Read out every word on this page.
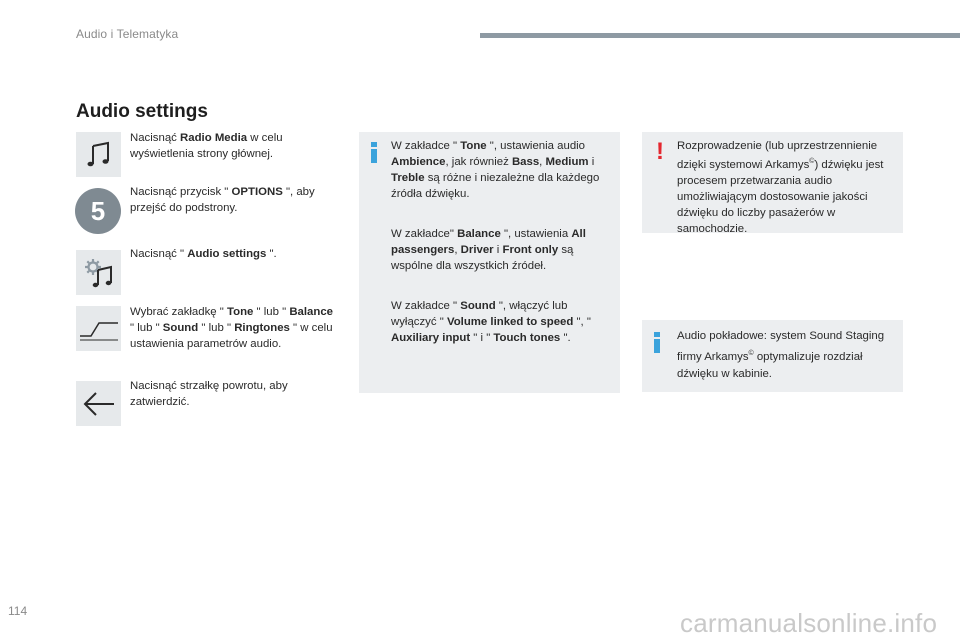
Audio i Telematyka
Audio settings
Nacisnąć Radio Media w celu wyświetlenia strony głównej.
5
Nacisnąć przycisk " OPTIONS ", aby przejść do podstrony.
Nacisnąć " Audio settings ".
Wybrać zakładkę " Tone " lub " Balance " lub " Sound " lub " Ringtones " w celu ustawienia parametrów audio.
Nacisnąć strzałkę powrotu, aby zatwierdzić.
W zakładce " Tone ", ustawienia audio Ambience, jak również Bass, Medium i Treble są różne i niezależne dla każdego źródła dźwięku.
W zakładce" Balance ", ustawienia All passengers, Driver i Front only są wspólne dla wszystkich źródeł.
W zakładce " Sound ", włączyć lub wyłączyć " Volume linked to speed ", " Auxiliary input " i " Touch tones ".
! Rozprowadzenie (lub uprzestrzennienie dzięki systemowi Arkamys©) dźwięku jest procesem przetwarzania audio umożliwiającym dostosowanie jakości dźwięku do liczby pasażerów w samochodzie.
Audio pokładowe: system Sound Staging firmy Arkamys© optymalizuje rozdział dźwięku w kabinie.
114	carmanualsonline.info
